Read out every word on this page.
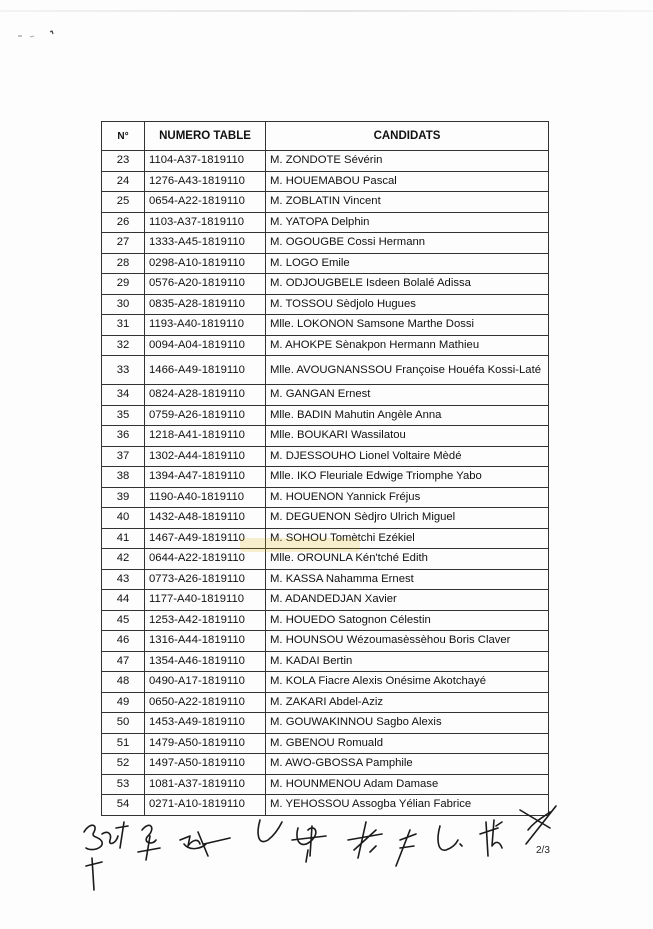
N°	NUMERO TABLE	CANDIDATS
23	1104-A37-1819110	M. ZONDOTE Sévérin
24	1276-A43-1819110	M. HOUEMABOU Pascal
25	0654-A22-1819110	M. ZOBLATIN Vincent
26	1103-A37-1819110	M. YATOPA Delphin
27	1333-A45-1819110	M. OGOUGBE Cossi Hermann
28	0298-A10-1819110	M. LOGO Emile
29	0576-A20-1819110	M. ODJOUGBELE Isdeen Bolalé Adissa
30	0835-A28-1819110	M. TOSSOU Sèdjolo Hugues
31	1193-A40-1819110	Mlle. LOKONON Samsone Marthe Dossi
32	0094-A04-1819110	M. AHOKPE Sènakpon Hermann Mathieu
33	1466-A49-1819110	Mlle. AVOUGNANSSOU Françoise Houéfa Kossi-Laté
34	0824-A28-1819110	M. GANGAN Ernest
35	0759-A26-1819110	Mlle. BADIN Mahutin Angèle Anna
36	1218-A41-1819110	Mlle. BOUKARI Wassilatou
37	1302-A44-1819110	M. DJESSOUHO Lionel Voltaire Mèdé
38	1394-A47-1819110	Mlle. IKO Fleuriale Edwige Triomphe Yabo
39	1190-A40-1819110	M. HOUENON Yannick Fréjus
40	1432-A48-1819110	M. DEGUENON Sèdjro Ulrich Miguel
41	1467-A49-1819110	M. SOHOU Tomètchi Ezékiel
42	0644-A22-1819110	Mlle. OROUNLA Kén'tché Edith
43	0773-A26-1819110	M. KASSA Nahamma Ernest
44	1177-A40-1819110	M. ADANDEDJAN Xavier
45	1253-A42-1819110	M. HOUEDO Satognon Célestin
46	1316-A44-1819110	M. HOUNSOU Wézoumasèssèhou Boris Claver
47	1354-A46-1819110	M. KADAI Bertin
48	0490-A17-1819110	M. KOLA Fiacre Alexis Onésime Akotchayé
49	0650-A22-1819110	M. ZAKARI Abdel-Aziz
50	1453-A49-1819110	M. GOUWAKINNOU Sagbo Alexis
51	1479-A50-1819110	M. GBENOU Romuald
52	1497-A50-1819110	M. AWO-GBOSSA Pamphile
53	1081-A37-1819110	M. HOUNMENOU Adam Damase
54	0271-A10-1819110	M. YEHOSSOU Assogba Yélian Fabrice
2/3
